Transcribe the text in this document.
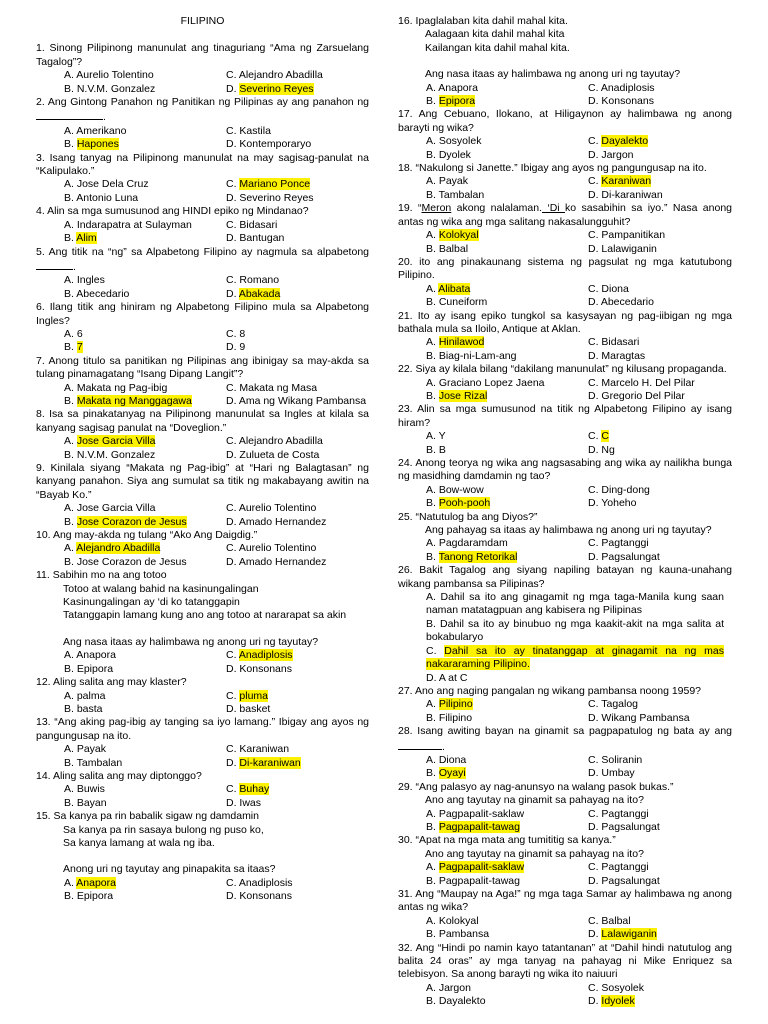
FILIPINO
1. Sinong Pilipinong manunulat ang tinaguriang “Ama ng Zarsuelang Tagalog”?
A. Aurelio Tolentino	C. Alejandro Abadilla
B. N.V.M. Gonzalez	D. Severino Reyes
2. Ang Gintong Panahon ng Panitikan ng Pilipinas ay ang panahon ng.
A. Amerikano	C. Kastila
B. Hapones	D. Kontemporaryo
3. Isang tanyag na Pilipinong manunulat na may sagisag-panulat na “Kalipulako.”
A. Jose Dela Cruz	C. Mariano Ponce
B. Antonio Luna	D. Severino Reyes
4. Alin sa mga sumusunod ang HINDI epiko ng Mindanao?
A. Indarapatra at Sulayman	C. Bidasari
B. Alim	D. Bantugan
5. Ang titik na “ng” sa Alpabetong Filipino ay nagmula sa alpabetong.
A. Ingles	C. Romano
B. Abecedario	D. Abakada
6. Ilang titik ang hiniram ng Alpabetong Filipino mula sa Alpabetong Ingles?
A. 6	C. 8
B. 7	D. 9
7. Anong titulo sa panitikan ng Pilipinas ang ibinigay sa may-akda sa tulang pinamagatang “Isang Dipang Langit”?
A. Makata ng Pag-ibig	C. Makata ng Masa
B. Makata ng Manggagawa	D. Ama ng Wikang Pambansa
8. Isa sa pinakatanyag na Pilipinong manunulat sa Ingles at kilala sa kanyang sagisag panulat na “Doveglion.”
A. Jose Garcia Villa	C. Alejandro Abadilla
B. N.V.M. Gonzalez	D. Zulueta de Costa
9. Kinilala siyang “Makata ng Pag-ibig” at “Hari ng Balagtasan” ng kanyang panahon. Siya ang sumulat sa titik ng makabayang awitin na “Bayab Ko.”
A. Jose Garcia Villa	C. Aurelio Tolentino
B. Jose Corazon de Jesus	D. Amado Hernandez
10. Ang may-akda ng tulang “Ako Ang Daigdig.”
A. Alejandro Abadilla	C. Aurelio Tolentino
B. Jose Corazon de Jesus	D. Amado Hernandez
11. Sabihin mo na ang totoo
Totoo at walang bahid na kasinungalingan
Kasinungalingan ay ‘di ko tatanggapin
Tatanggapin lamang kung ano ang totoo at nararapat sa akin
Ang nasa itaas ay halimbawa ng anong uri ng tayutay?
A. Anapora	C. Anadiplosis
B. Epipora	D. Konsonans
12. Aling salita ang may klaster?
A. palma	C. pluma
B. basta	D. basket
13. “Ang aking pag-ibig ay tanging sa iyo lamang.” Ibigay ang ayos ng pangungusap na ito.
A. Payak	C. Karaniwan
B. Tambalan	D. Di-karaniwan
14. Aling salita ang may diptonggo?
A. Buwis	C. Buhay
B. Bayan	D. Iwas
15. Sa kanya pa rin babalik sigaw ng damdamin
Sa kanya pa rin sasaya bulong ng puso ko,
Sa kanya lamang at wala ng iba.
Anong uri ng tayutay ang pinapakita sa itaas?
A. Anapora	C. Anadiplosis
B. Epipora	D. Konsonans
16. Ipaglalaban kita dahil mahal kita.
Aalagaan kita dahil mahal kita
Kailangan kita dahil mahal kita.
Ang nasa itaas ay halimbawa ng anong uri ng tayutay?
A. Anapora	C. Anadiplosis
B. Epipora	D. Konsonans
17. Ang Cebuano, Ilokano, at Hiligaynon ay halimbawa ng anong barayti ng wika?
A. Sosyolek	C. Dayalekto
B. Dyolek	D. Jargon
18. “Nakulong si Janette.” Ibigay ang ayos ng pangungusap na ito.
A. Payak	C. Karaniwan
B. Tambalan	D. Di-karaniwan
19. “Meron akong nalalaman. ‘Di ko sasabihin sa iyo.” Nasa anong antas ng wika ang mga salitang nakasalungguhit?
A. Kolokyal	C. Pampanitikan
B. Balbal	D. Lalawiganin
20. ito ang pinakaunang sistema ng pagsulat ng mga katutubong Pilipino.
A. Alibata	C. Diona
B. Cuneiform	D. Abecedario
21. Ito ay isang epiko tungkol sa kasysayan ng pag-iibigan ng mga bathala mula sa Iloilo, Antique at Aklan.
A. Hinilawod	C. Bidasari
B. Biag-ni-Lam-ang	D. Maragtas
22. Siya ay kilala bilang “dakilang manunulat” ng kilusang propaganda.
A. Graciano Lopez Jaena	C. Marcelo H. Del Pilar
B. Jose Rizal	D. Gregorio Del Pilar
23. Alin sa mga sumusunod na titik ng Alpabetong Filipino ay isang hiram?
A. Y	C. C
B. B	D. Ng
24. Anong teorya ng wika ang nagsasabing ang wika ay nailikha bunga ng masidhing damdamin ng tao?
A. Bow-wow	C. Ding-dong
B. Pooh-pooh	D. Yoheho
25. “Natutulog ba ang Diyos?”
Ang pahayag sa itaas ay halimbawa ng anong uri ng tayutay?
A. Pagdaramdam	C. Pagtanggi
B. Tanong Retorikal	D. Pagsalungat
26. Bakit Tagalog ang siyang napiling batayan ng kauna-unahang wikang pambansa sa Pilipinas?
A. Dahil sa ito ang ginagamit ng mga taga-Manila kung saan naman matatagpuan ang kabisera ng Pilipinas
B. Dahil sa ito ay binubuo ng mga kaakit-akit na mga salita at bokabularyo
C. Dahil sa ito ay tinatanggap at ginagamit na ng mas nakararaming Pilipino.
D. A at C
27. Ano ang naging pangalan ng wikang pambansa noong 1959?
A. Pilipino	C. Tagalog
B. Filipino	D. Wikang Pambansa
28. Isang awiting bayan na ginamit sa pagpapatulog ng bata ay ang.
A. Diona	C. Soliranin
B. Oyayi	D. Umbay
29. “Ang palasyo ay nag-anunsyo na walang pasok bukas.”
Ano ang tayutay na ginamit sa pahayag na ito?
A. Pagpapalit-saklaw	C. Pagtanggi
B. Pagpapalit-tawag	D. Pagsalungat
30. “Apat na mga mata ang tumititig sa kanya.”
Ano ang tayutay na ginamit sa pahayag na ito?
A. Pagpapalit-saklaw	C. Pagtanggi
B. Pagpapalit-tawag	D. Pagsalungat
31. Ang “Maupay na Aga!” ng mga taga Samar ay halimbawa ng anong antas ng wika?
A. Kolokyal	C. Balbal
B. Pambansa	D. Lalawiganin
32. Ang “Hindi po namin kayo tatantanan” at “Dahil hindi natutulog ang balita 24 oras” ay mga tanyag na pahayag ni Mike Enriquez sa telebisyon. Sa anong barayti ng wika ito naiuuri
A. Jargon	C. Sosyolek
B. Dayalekto	D. Idyolek
